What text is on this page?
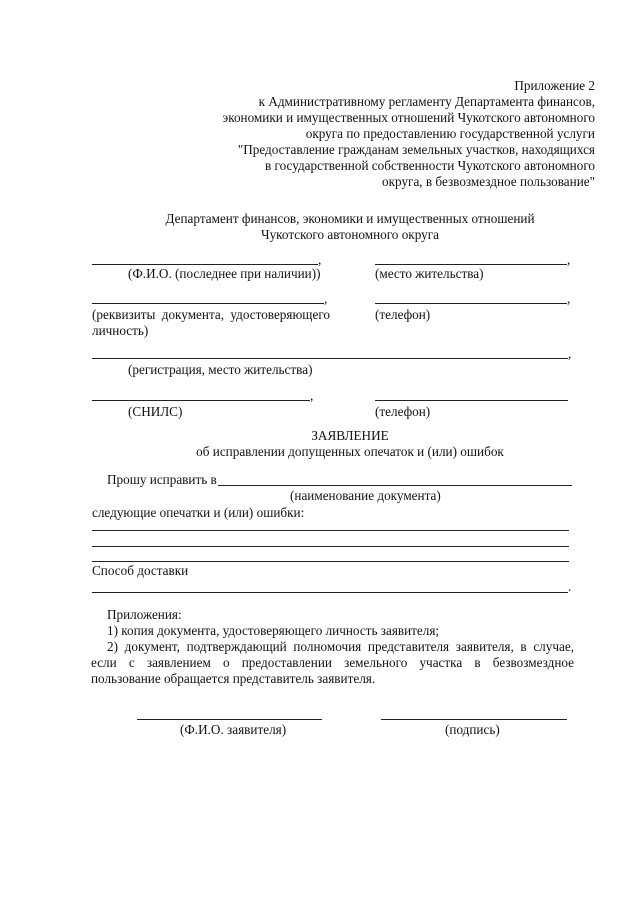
Приложение 2
к Административному регламенту Департамента финансов,
экономики и имущественных отношений Чукотского автономного
округа по предоставлению государственной услуги
"Предоставление гражданам земельных участков, находящихся
в государственной собственности Чукотского автономного
округа, в безвозмездное пользование"
Департамент финансов, экономики и имущественных отношений
Чукотского автономного округа
,
(Ф.И.О. (последнее при наличии))
,
(место жительства)
,
(реквизиты документа, удостоверяющего личность)
,
(телефон)
,
(регистрация, место жительства)
,
(СНИЛС)	(телефон)
ЗАЯВЛЕНИЕ
об исправлении допущенных опечаток и (или) ошибок
Прошу исправить в
(наименование документа)
следующие опечатки и (или) ошибки:
Способ доставки
.
Приложения:
1) копия документа, удостоверяющего личность заявителя;
2) документ, подтверждающий полномочия представителя заявителя, в случае, если с заявлением о предоставлении земельного участка в безвозмездное пользование обращается представитель заявителя.
(Ф.И.О. заявителя)	(подпись)
